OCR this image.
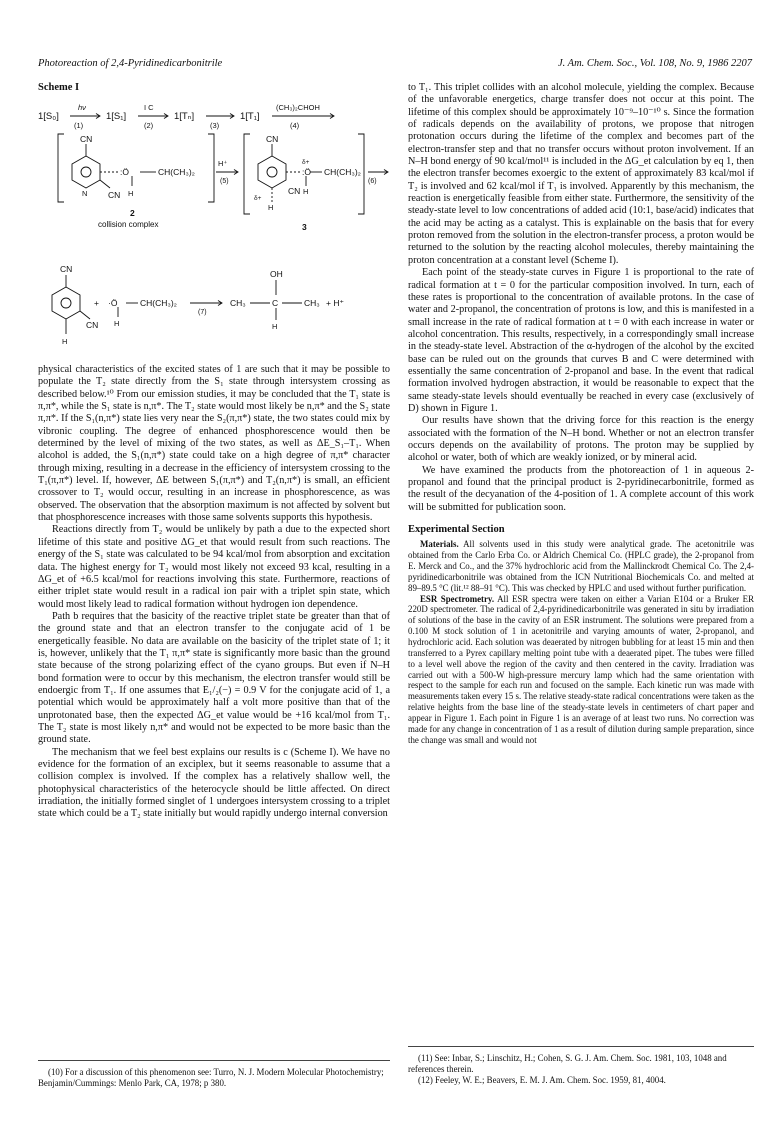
Photoreaction of 2,4-Pyridinedicarbonitrile	J. Am. Chem. Soc., Vol. 108, No. 9, 1986 2207
Scheme I
1[S₀]
hν
(1)
1[S₁]
I C
(2)
1[Tₙ]
(3)
1[T₁]
(CH₃)₂CHOH
(4)
CN
CN
N
:Ö	CH(CH₃)₂
H
H⁺
(5)	(6)
2
collision complex	3
CN
CN
δ+
:Ö CH(CH₃)₂
H
δ+
H
CN
CN
H
+ ·Ö	CH(CH₃)₂
H
(7)
OH
CH₃	C	CH₃
H
+ H⁺

physical characteristics of the excited states of 1 are such that it may be possible to populate the T₂ state directly from the S₁ state through intersystem crossing as described below.¹⁰ From our emission studies, it may be concluded that the T₁ state is π,π*, while the S₁ state is n,π*. The T₂ state would most likely be n,π* and the S₂ state π,π*. If the S₁(n,π*) state lies very near the S₂(π,π*) state, the two states could mix by vibronic coupling. The degree of enhanced phosphorescence would then be determined by the level of mixing of the two states, as well as ΔE_S₁–T₁. When alcohol is added, the S₁(n,π*) state could take on a high degree of π,π* character through mixing, resulting in a decrease in the efficiency of intersystem crossing to the T₁(π,π*) level. If, however, ΔE between S₁(π,π*) and T₂(n,π*) is small, an efficient crossover to T₂ would occur, resulting in an increase in phosphorescence, as was observed. The observation that the absorption maximum is not affected by solvent but that phosphorescence increases with those same solvents supports this hypothesis.

Reactions directly from T₂ would be unlikely by path a due to the expected short lifetime of this state and positive ΔG_et that would result from such reactions. The energy of the S₁ state was calculated to be 94 kcal/mol from absorption and excitation data. The highest energy for T₂ would most likely not exceed 93 kcal, resulting in a ΔG_et of +6.5 kcal/mol for reactions involving this state. Furthermore, reactions of either triplet state would result in a radical ion pair with a triplet spin state, which would most likely lead to radical formation without hydrogen ion dependence.

Path b requires that the basicity of the reactive triplet state be greater than that of the ground state and that an electron transfer to the conjugate acid of 1 be energetically feasible. No data are available on the basicity of the triplet state of 1; it is, however, unlikely that the T₁ π,π* state is significantly more basic than the ground state because of the strong polarizing effect of the cyano groups. But even if N–H bond formation were to occur by this mechanism, the electron transfer would still be endoergic from T₁. If one assumes that E₁/₂(−) = 0.9 V for the conjugate acid of 1, a potential which would be approximately half a volt more positive than that of the unprotonated base, then the expected ΔG_et value would be +16 kcal/mol from T₁. The T₂ state is most likely n,π* and would not be expected to be more basic than the ground state.

The mechanism that we feel best explains our results is c (Scheme I). We have no evidence for the formation of an exciplex, but it seems reasonable to assume that a collision complex is involved. If the complex has a relatively shallow well, the photophysical characteristics of the heterocycle should be little affected. On direct irradiation, the initially formed singlet of 1 undergoes intersystem crossing to a triplet state which could be a T₂ state initially but would rapidly undergo internal conversion

to T₁. This triplet collides with an alcohol molecule, yielding the complex. Because of the unfavorable energetics, charge transfer does not occur at this point. The lifetime of this complex should be approximately 10⁻⁹–10⁻¹⁰ s. Since the formation of radicals depends on the availability of protons, we propose that nitrogen protonation occurs during the lifetime of the complex and becomes part of the electron-transfer step and that no transfer occurs without proton involvement. If an N–H bond energy of 90 kcal/mol¹¹ is included in the ΔG_et calculation by eq 1, then the electron transfer becomes exoergic to the extent of approximately 83 kcal/mol if T₂ is involved and 62 kcal/mol if T₁ is involved. Apparently by this mechanism, the reaction is energetically feasible from either state. Furthermore, the sensitivity of the steady-state level to low concentrations of added acid (10:1, base/acid) indicates that the acid may be acting as a catalyst. This is explainable on the basis that for every proton removed from the solution in the electron-transfer process, a proton would be returned to the solution by the reacting alcohol molecules, thereby maintaining the proton concentration at a constant level (Scheme I).

Each point of the steady-state curves in Figure 1 is proportional to the rate of radical formation at t = 0 for the particular composition involved. In turn, each of these rates is proportional to the concentration of available protons. In the case of water and 2-propanol, the concentration of protons is low, and this is manifested in a small increase in the rate of radical formation at t = 0 with each increase in water or alcohol concentration. This results, respectively, in a correspondingly small increase in the steady-state level. Abstraction of the α-hydrogen of the alcohol by the excited base can be ruled out on the grounds that curves B and C were determined with essentially the same concentration of 2-propanol and base. In the event that radical formation involved hydrogen abstraction, it would be reasonable to expect that the same steady-state levels should eventually be reached in every case (exclusively of D) shown in Figure 1.

Our results have shown that the driving force for this reaction is the energy associated with the formation of the N–H bond. Whether or not an electron transfer occurs depends on the availability of protons. The proton may be supplied by alcohol or water, both of which are weakly ionized, or by mineral acid.

We have examined the products from the photoreaction of 1 in aqueous 2-propanol and found that the principal product is 2-pyridinecarbonitrile, formed as the result of the decyanation of the 4-position of 1. A complete account of this work will be submitted for publication soon.

Experimental Section

Materials. All solvents used in this study were analytical grade. The acetonitrile was obtained from the Carlo Erba Co. or Aldrich Chemical Co. (HPLC grade), the 2-propanol from E. Merck and Co., and the 37% hydrochloric acid from the Mallinckrodt Chemical Co. The 2,4-pyridinedicarbonitrile was obtained from the ICN Nutritional Biochemicals Co. and melted at 89–89.5 °C (lit.¹² 88–91 °C). This was checked by HPLC and used without further purification.

ESR Spectrometry. All ESR spectra were taken on either a Varian E104 or a Bruker ER 220D spectrometer. The radical of 2,4-pyridinedicarbonitrile was generated in situ by irradiation of solutions of the base in the cavity of an ESR instrument. The solutions were prepared from a 0.100 M stock solution of 1 in acetonitrile and varying amounts of water, 2-propanol, and hydrochloric acid. Each solution was deaerated by nitrogen bubbling for at least 15 min and then transferred to a Pyrex capillary melting point tube with a deaerated pipet. The tubes were filled to a level well above the region of the cavity and then centered in the cavity. Irradiation was carried out with a 500-W high-pressure mercury lamp which had the same orientation with respect to the sample for each run and focused on the sample. Each kinetic run was made with measurements taken every 15 s. The relative steady-state radical concentrations were taken as the relative heights from the base line of the steady-state levels in centimeters of chart paper and appear in Figure 1. Each point in Figure 1 is an average of at least two runs. No correction was made for any change in concentration of 1 as a result of dilution during sample preparation, since the change was small and would not

(10) For a discussion of this phenomenon see: Turro, N. J. Modern Molecular Photochemistry; Benjamin/Cummings: Menlo Park, CA, 1978; p 380.

(11) See: Inbar, S.; Linschitz, H.; Cohen, S. G. J. Am. Chem. Soc. 1981, 103, 1048 and references therein.

(12) Feeley, W. E.; Beavers, E. M. J. Am. Chem. Soc. 1959, 81, 4004.
